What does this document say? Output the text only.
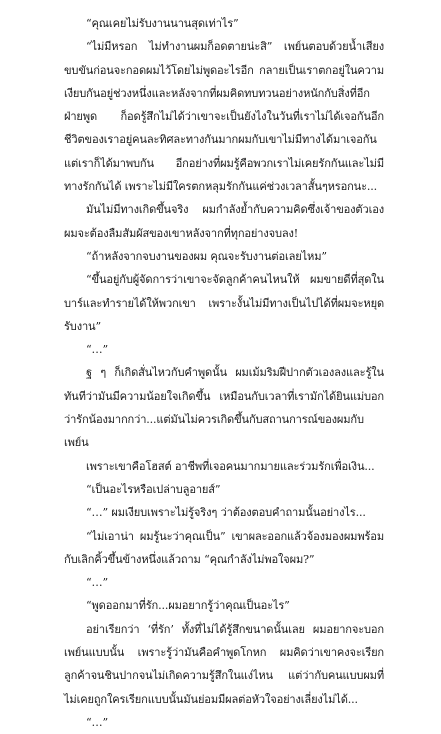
“คุณเคยไม่รับงานนานสุดเท่าไร”

“ไม่มีหรอก ไม่ทำงานผมก็อดตายน่ะสิ” เพย์นตอบด้วยน้ำเสียงขบขันก่อนจะกอดผมไว้โดยไม่พูดอะไรอีก กลายเป็นเราตกอยู่ในความเงียบกันอยู่ช่วงหนึ่งและหลังจากที่ผมคิดทบทวนอย่างหนักกับสิ่งที่อีกฝ่ายพูด ก็อดรู้สึกไม่ได้ว่าเขาจะเป็นยังไงในวันที่เราไม่ได้เจอกันอีก ชีวิตของเราอยู่คนละทิศละทางกันมากผมกับเขาไม่มีทางได้มาเจอกันแต่เราก็ได้มาพบกัน อีกอย่างที่ผมรู้คือพวกเราไม่เคยรักกันและไม่มีทางรักกันได้ เพราะไม่มีใครตกหลุมรักกันแค่ช่วงเวลาสั้นๆหรอกนะ...

มันไม่มีทางเกิดขึ้นจริง ผมกำลังย้ำกับความคิดซึ่งเจ้าของตัวเอง ผมจะต้องลืมสัมผัสของเขาหลังจากที่ทุกอย่างจบลง!

“ถ้าหลังจากจบงานของผม คุณจะรับงานต่อเลยไหม”

“ขึ้นอยู่กับผู้จัดการว่าเขาจะจัดลูกค้าคนไหนให้ ผมขายดีที่สุดในบาร์และทำรายได้ให้พวกเขา เพราะงั้นไม่มีทางเป็นไปได้ที่ผมจะหยุดรับงาน”

“…”

ฐ ๆ ก็เกิดสั่นไหวกับคำพูดนั้น ผมเม้มริมฝีปากตัวเองลงและรู้ในทันทีว่ามันมีความน้อยใจเกิดขึ้น เหมือนกับเวลาที่เรามักได้ยินแม่บอกว่ารักน้องมากกว่า...แต่มันไม่ควรเกิดขึ้นกับสถานการณ์ของผมกับเพย์น

เพราะเขาคือโฮสต์ อาชีพที่เจอคนมากมายและร่วมรักเพื่อเงิน...

“เป็นอะไรหรือเปล่าบลูอายส์”

“…” ผมเงียบเพราะไม่รู้จริงๆ ว่าต้องตอบคำถามนั้นอย่างไร...

“ไม่เอาน่า ผมรู้นะว่าคุณเป็น” เขาผละออกแล้วจ้องมองผมพร้อมกับเลิกคิ้วขึ้นข้างหนึ่งแล้วถาม “คุณกำลังไม่พอใจผม?”

“…”

“พูดออกมาที่รัก...ผมอยากรู้ว่าคุณเป็นอะไร”

อย่าเรียกว่า ‘ที่รัก’ ทั้งที่ไม่ได้รู้สึกขนาดนั้นเลย ผมอยากจะบอกเพย์นแบบนั้น เพราะรู้ว่ามันคือคำพูดโกหก ผมคิดว่าเขาคงจะเรียกลูกค้าจนชินปากจนไม่เกิดความรู้สึกในแง่ไหน แต่ว่ากับคนแบบผมที่ไม่เคยถูกใครเรียกแบบนั้นมันย่อมมีผลต่อหัวใจอย่างเลี่ยงไม่ได้...

“…”
